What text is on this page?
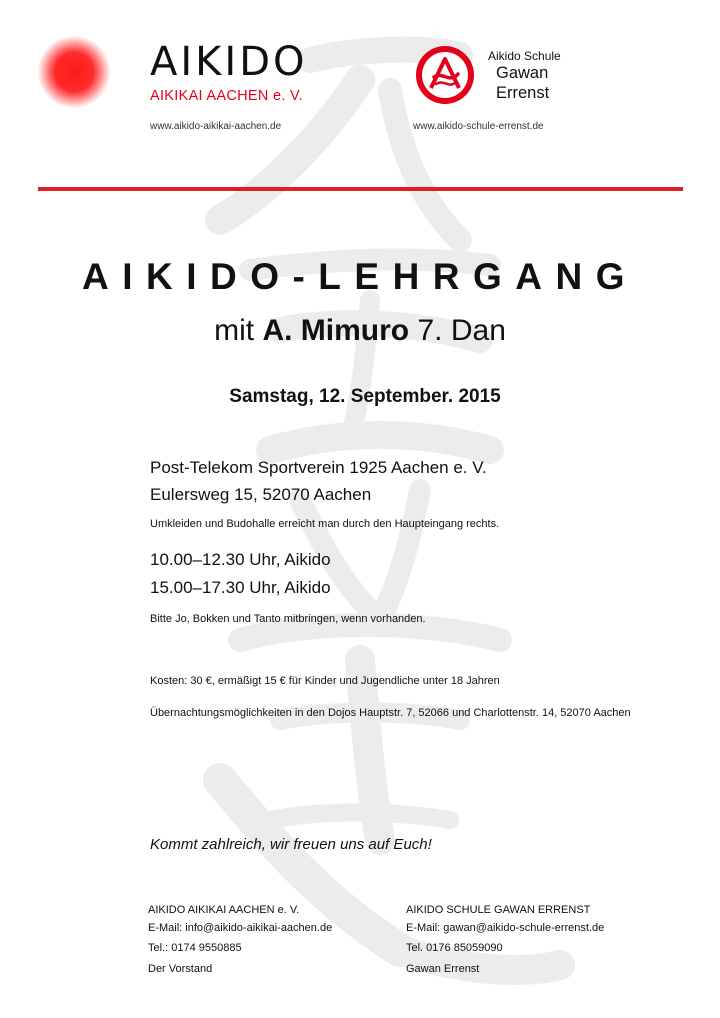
AIKIDO
AIKIKAI AACHEN e. V.
www.aikido-aikikai-aachen.de
Aikido Schule
Gawan
Errenst
www.aikido-schule-errenst.de
AIKIDO-LEHRGANG
mit A. Mimuro 7. Dan
Samstag, 12. September. 2015
Post-Telekom Sportverein 1925 Aachen e. V.
Eulersweg 15, 52070 Aachen
Umkleiden und Budohalle erreicht man durch den Haupteingang rechts.
10.00–12.30 Uhr, Aikido
15.00–17.30 Uhr, Aikido
Bitte Jo, Bokken und Tanto mitbringen, wenn vorhanden.
Kosten: 30 €, ermäßigt 15 € für Kinder und Jugendliche unter 18 Jahren
Übernachtungsmöglichkeiten in den Dojos Hauptstr. 7, 52066 und Charlottenstr. 14, 52070 Aachen
Kommt zahlreich, wir freuen uns auf Euch!
AIKIDO AIKIKAI AACHEN e. V.
E-Mail: info@aikido-aikikai-aachen.de
Tel.: 0174 9550885
Der Vorstand
AIKIDO SCHULE GAWAN ERRENST
E-Mail: gawan@aikido-schule-errenst.de
Tel. 0176 85059090
Gawan Errenst
